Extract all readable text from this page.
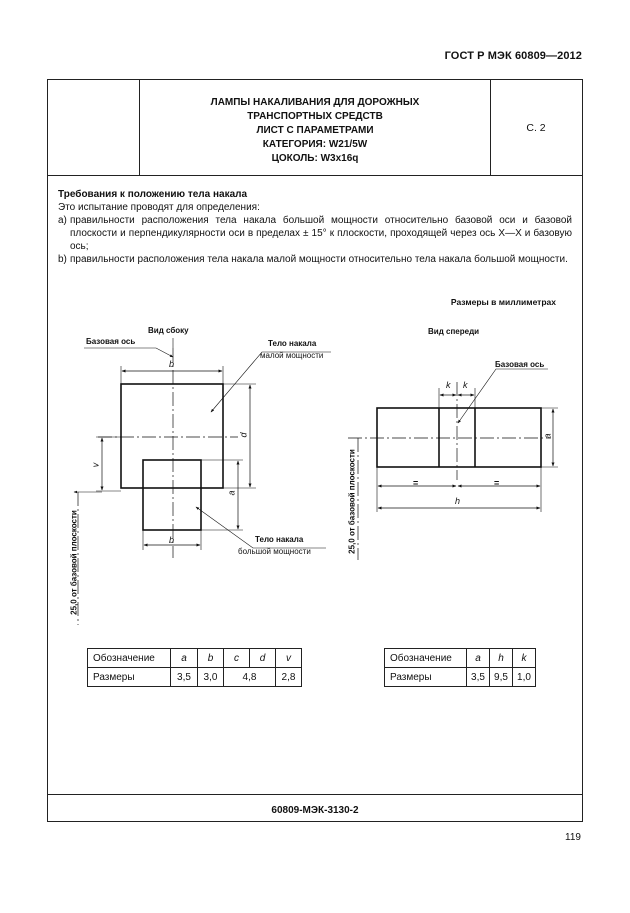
ГОСТ Р МЭК 60809—2012
ЛАМПЫ НАКАЛИВАНИЯ ДЛЯ ДОРОЖНЫХ
ТРАНСПОРТНЫХ СРЕДСТВ
ЛИСТ С ПАРАМЕТРАМИ
КАТЕГОРИЯ: W21/5W
ЦОКОЛЬ: W3x16q
С. 2
Требования к положению тела накала
Это испытание проводят для определения:
a) правильности расположения тела накала большой мощности относительно базовой оси и базовой плоскости и перпендикулярности оси в пределах ± 15° к плоскости, проходящей через ось X—X и базовую ось;
b) правильности расположения тела накала малой мощности относительно тела накала большой мощности.
Размеры в миллиметрах
Вид сбоку
Базовая ось	Тело накала
малой мощности
Тело накала
большой мощности
b
b
d
a
v
25,0 от базовой плоскости
Вид спереди
Базовая ось
k k
a
=	=
h
25,0 от базовой плоскости
Обозначение	a	b	c	d	v
Размеры	3,5	3,0	4,8		2,8
Обозначение	a	h	k
Размеры	3,5	9,5	1,0
60809-МЭК-3130-2
119
